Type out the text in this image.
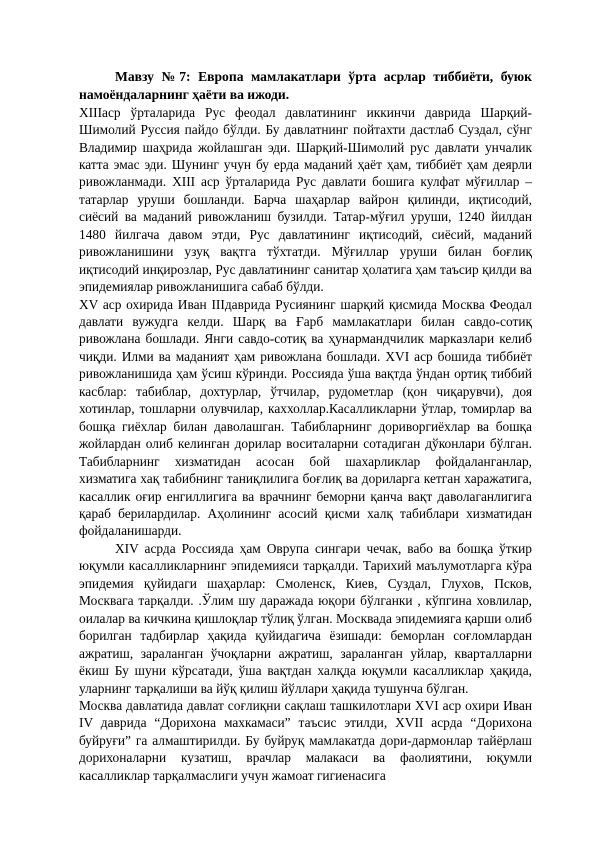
Мавзу №7: Европа мамлакатлари ўрта асрлар тиббиёти, буюк намоёндаларнинг ҳаёти ва ижоди.

XIIIаср ўрталарида Рус феодал давлатининг иккинчи даврида Шарқий-Шимолий Руссия пайдо бўлди. Бу давлатнинг пойтахти дастлаб Суздал, сўнг Владимир шаҳрида жойлашган эди. Шарқий-Шимолий рус давлати унчалик катта эмас эди. Шунинг учун бу ерда маданий ҳаёт ҳам, тиббиёт ҳам деярли ривожланмади. XIII аср ўрталарида Рус давлати бошига кулфат мўғиллар – татарлар уруши бошланди. Барча шаҳарлар вайрон қилинди, иқтисодий, сиёсий ва маданий ривожланиш бузилди. Татар-мўғил уруши, 1240 йилдан 1480 йилгача давом этди, Рус давлатининг иқтисодий, сиёсий, маданий ривожланишини узуқ вақтга тўхтатди. Мўғиллар уруши билан боғлиқ иқтисодий инқирозлар, Рус давлатининг санитар ҳолатига ҳам таъсир қилди ва эпидемиялар ривожланишига сабаб бўлди.

XV аср охирида Иван IIIдаврида Русиянинг шарқий қисмида Москва Феодал давлати вужудга келди. Шарқ ва Ғарб мамлакатлари билан савдо-сотиқ ривожлана бошлади. Янги савдо-сотиқ ва ҳунармандчилик марказлари келиб чиқди. Илми ва маданият ҳам ривожлана бошлади. XVI аср бошида тиббиёт ривожланишида ҳам ўсиш кўринди. Россияда ўша вақтда ўндан ортиқ тиббий касблар: табиблар, дохтурлар, ўтчилар, рудометлар (қон чиқарувчи), доя хотинлар, тошларни олувчилар, каххоллар.Касалликларни ўтлар, томирлар ва бошқа гиёхлар билан даволашган. Табибларнинг дориворгиёхлар ва бошқа жойлардан олиб келинган дорилар воситаларни сотадиган дўконлари бўлган. Табибларнинг хизматидан асосан бой шахарликлар фойдаланганлар, хизматига хақ табибнинг таниқлилига боғлиқ ва дориларга кетган харажатига, касаллик оғир енгиллигига ва врачнинг беморни қанча вақт даволаганлигига қараб берилардилар. Аҳолининг асосий қисми халқ табиблари хизматидан фойдаланишарди.

XIV асрда Россияда ҳам Оврупа сингари чечак, вабо ва бошқа ўткир юқумли касалликларнинг эпидемияси тарқалди. Тарихий маълумотларга кўра эпидемия қуйидаги шаҳарлар: Смоленск, Киев, Суздал, Глухов, Псков, Москвага тарқалди. .Ўлим шу даражада юқори бўлганки , кўпгина ховлилар, оилалар ва кичкина қишлоқлар тўлиқ ўлган. Москвада эпидемияга қарши олиб борилган тадбирлар ҳақида қуйидагича ёзишади: беморлан соғломлардан ажратиш, зараланган ўчоқларни ажратиш, зараланган уйлар, кварталларни ёкиш Бу шуни кўрсатади, ўша вақтдан халқда юқумли касалликлар ҳақида, уларнинг тарқалиши ва йўқ қилиш йўллари ҳақида тушунча бўлган.

Москва давлатида давлат соғлиқни сақлаш ташкилотлари XVI аср охири Иван IV даврида “Дорихона махкамаси” таъсис этилди, XVII асрда “Дорихона буйруғи” га алмаштирилди. Бу буйруқ мамлакатда дори-дармонлар тайёрлаш дорихоналарни кузатиш, врачлар малакаси ва фаолиятини, юқумли касалликлар тарқалмаслиги учун жамоат гигиенасига
